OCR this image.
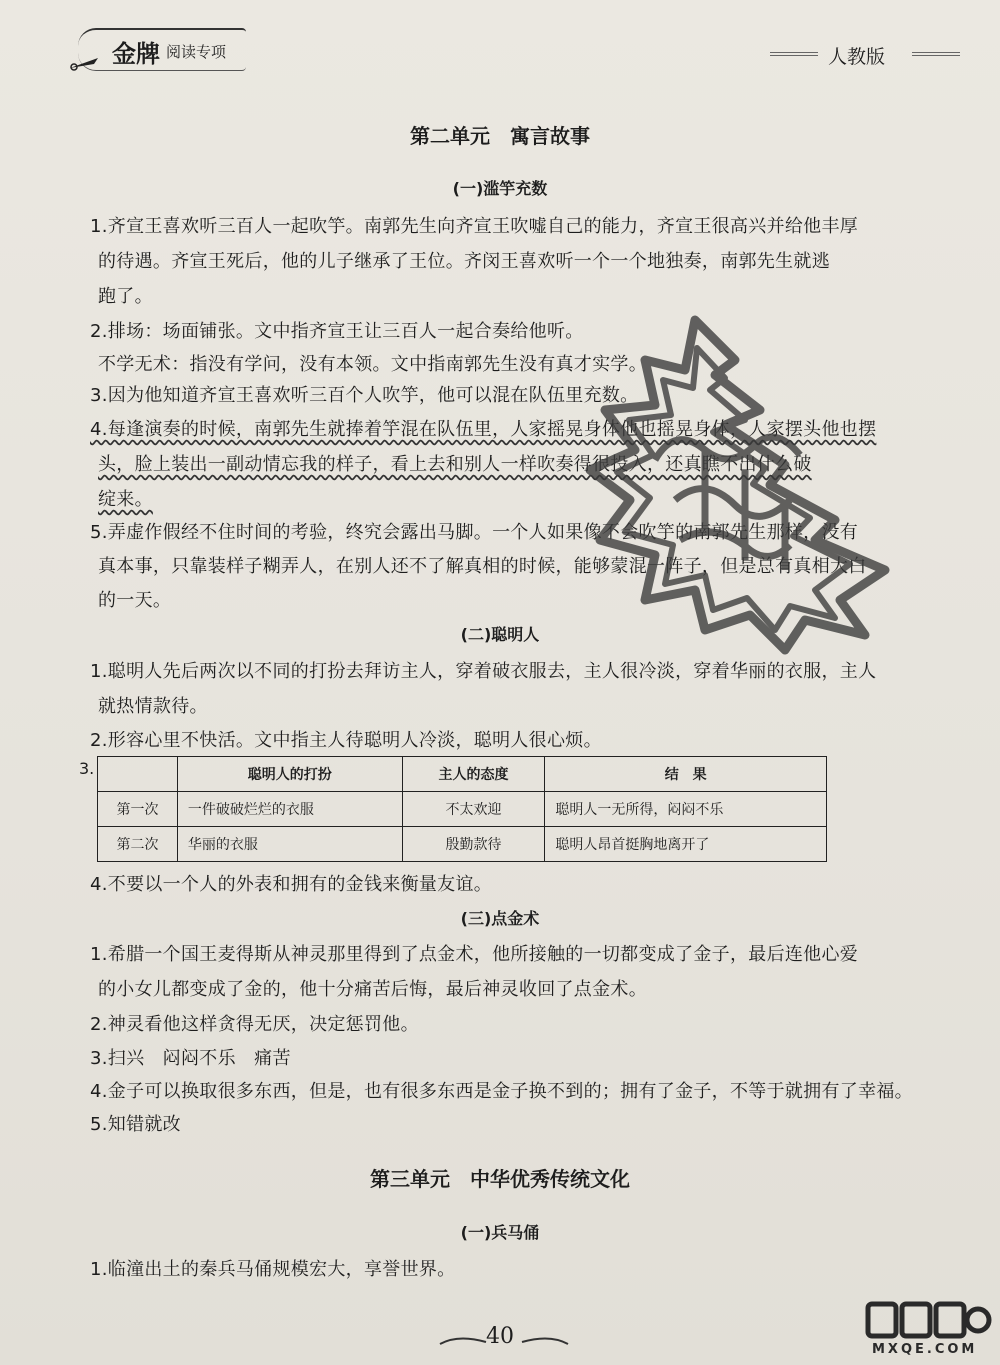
金牌 阅读专项	人教版
第二单元　寓言故事
(一)滥竽充数
1.齐宣王喜欢听三百人一起吹竽。南郭先生向齐宣王吹嘘自己的能力，齐宣王很高兴并给他丰厚
的待遇。齐宣王死后，他的儿子继承了王位。齐闵王喜欢听一个一个地独奏，南郭先生就逃
跑了。
2.排场：场面铺张。文中指齐宣王让三百人一起合奏给他听。
不学无术：指没有学问，没有本领。文中指南郭先生没有真才实学。
3.因为他知道齐宣王喜欢听三百个人吹竽，他可以混在队伍里充数。
4.每逢演奏的时候，南郭先生就捧着竽混在队伍里，人家摇晃身体他也摇晃身体，人家摆头他也摆
头，脸上装出一副动情忘我的样子，看上去和别人一样吹奏得很投入，还真瞧不出什么破
绽来。
5.弄虚作假经不住时间的考验，终究会露出马脚。一个人如果像不会吹竽的南郭先生那样，没有
真本事，只靠装样子糊弄人，在别人还不了解真相的时候，能够蒙混一阵子，但是总有真相大白
的一天。
(二)聪明人
1.聪明人先后两次以不同的打扮去拜访主人，穿着破衣服去，主人很冷淡，穿着华丽的衣服，主人
就热情款待。
2.形容心里不快活。文中指主人待聪明人冷淡，聪明人很心烦。
3.
		聪明人的打扮	主人的态度	结　果
第一次	一件破破烂烂的衣服	不太欢迎	聪明人一无所得，闷闷不乐
第二次	华丽的衣服	殷勤款待	聪明人昂首挺胸地离开了
4.不要以一个人的外表和拥有的金钱来衡量友谊。
(三)点金术
1.希腊一个国王麦得斯从神灵那里得到了点金术，他所接触的一切都变成了金子，最后连他心爱
的小女儿都变成了金的，他十分痛苦后悔，最后神灵收回了点金术。
2.神灵看他这样贪得无厌，决定惩罚他。
3.扫兴　闷闷不乐　痛苦
4.金子可以换取很多东西，但是，也有很多东西是金子换不到的；拥有了金子，不等于就拥有了幸福。
5.知错就改
第三单元　中华优秀传统文化
(一)兵马俑
1.临潼出土的秦兵马俑规模宏大，享誉世界。
40
MXQE.COM
